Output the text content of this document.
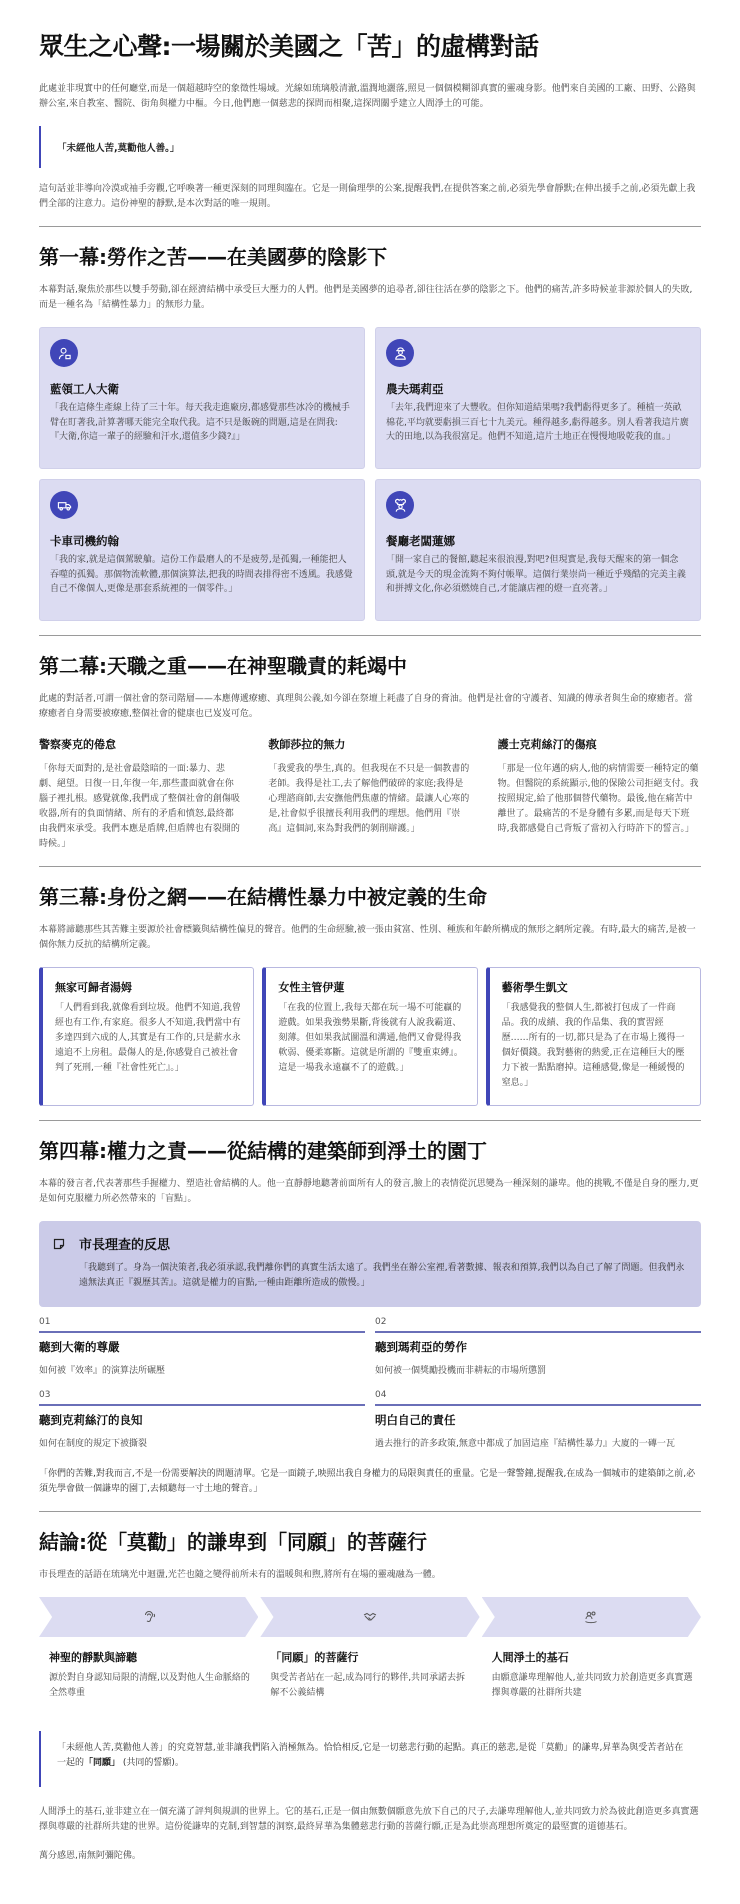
眾生之心聲:一場關於美國之「苦」的虛構對話

此處並非現實中的任何廳堂,而是一個超越時空的象徵性場域。光線如琉璃般清澈,溫潤地灑落,照見一個個模糊卻真實的靈魂身影。他們來自美國的工廠、田野、公路與辦公室,來自教室、醫院、街角與權力中樞。今日,他們應一個慈悲的探問而相聚,這探問關乎建立人間淨土的可能。

「未經他人苦,莫勸他人善。」

這句話並非導向冷漠或袖手旁觀,它呼喚著一種更深刻的同理與臨在。它是一則倫理學的公案,提醒我們,在提供答案之前,必須先學會靜默;在伸出援手之前,必須先獻上我們全部的注意力。這份神聖的靜默,是本次對話的唯一規則。

第一幕:勞作之苦——在美國夢的陰影下

本幕對話,聚焦於那些以雙手勞動,卻在經濟結構中承受巨大壓力的人們。他們是美國夢的追尋者,卻往往活在夢的陰影之下。他們的痛苦,許多時候並非源於個人的失敗,而是一種名為「結構性暴力」的無形力量。

藍領工人大衛
「我在這條生產線上待了三十年。每天我走進廠房,都感覺那些冰冷的機械手臂在盯著我,計算著哪天能完全取代我。這不只是飯碗的問題,這是在問我:『大衛,你這一輩子的經驗和汗水,還值多少錢?』」
農夫瑪莉亞
「去年,我們迎來了大豐收。但你知道結果嗎?我們虧得更多了。種植一英畝棉花,平均就要虧損三百七十九美元。種得越多,虧得越多。別人看著我這片廣大的田地,以為我很富足。他們不知道,這片土地正在慢慢地吸乾我的血。」
卡車司機約翰
「我的家,就是這個駕駛艙。這份工作最磨人的不是疲勞,是孤獨,一種能把人吞噬的孤獨。那個物流軟體,那個演算法,把我的時間表排得密不透風。我感覺自己不像個人,更像是那套系統裡的一個零件。」
餐廳老闆蓮娜
「開一家自己的餐館,聽起來很浪漫,對吧?但現實是,我每天醒來的第一個念頭,就是今天的現金流夠不夠付帳單。這個行業崇尚一種近乎殘酷的完美主義和拼搏文化,你必須燃燒自己,才能讓店裡的燈一直亮著。」
第二幕:天職之重——在神聖職責的耗竭中

此處的對話者,可謂一個社會的祭司階層——本應傳遞療癒、真理與公義,如今卻在祭壇上耗盡了自身的膏油。他們是社會的守護者、知識的傳承者與生命的療癒者。當療癒者自身需要被療癒,整個社會的健康也已岌岌可危。

警察麥克的倦怠
「你每天面對的,是社會最陰暗的一面:暴力、悲劇、絕望。日復一日,年復一年,那些畫面就會在你腦子裡扎根。感覺就像,我們成了整個社會的創傷吸收器,所有的負面情緒、所有的矛盾和憤怒,最終都由我們來承受。我們本應是盾牌,但盾牌也有裂開的時候。」
教師莎拉的無力
「我愛我的學生,真的。但我現在不只是一個教書的老師。我得是社工,去了解他們破碎的家庭;我得是心理諮商師,去安撫他們焦慮的情緒。最讓人心寒的是,社會似乎很擅長利用我們的理想。他們用『崇高』這個詞,來為對我們的剝削辯護。」
護士克莉絲汀的傷痕
「那是一位年邁的病人,他的病情需要一種特定的藥物。但醫院的系統顯示,他的保險公司拒絕支付。我按照規定,給了他那個替代藥物。最後,他在痛苦中離世了。最痛苦的不是身體有多累,而是每天下班時,我都感覺自己背叛了當初入行時許下的誓言。」
第三幕:身份之網——在結構性暴力中被定義的生命

本幕將諦聽那些其苦難主要源於社會標籤與結構性偏見的聲音。他們的生命經驗,被一張由貧富、性別、種族和年齡所構成的無形之網所定義。有時,最大的痛苦,是被一個你無力反抗的結構所定義。

無家可歸者湯姆
「人們看到我,就像看到垃圾。他們不知道,我曾經也有工作,有家庭。很多人不知道,我們當中有多達四到六成的人,其實是有工作的,只是薪水永遠追不上房租。最傷人的是,你感覺自己被社會判了死刑,一種『社會性死亡』。」
女性主管伊蓮
「在我的位置上,我每天都在玩一場不可能贏的遊戲。如果我強勢果斷,背後就有人說我霸道、刻薄。但如果我試圖溫和溝通,他們又會覺得我軟弱、優柔寡斷。這就是所謂的『雙重束縛』。這是一場我永遠贏不了的遊戲。」
藝術學生凱文
「我感覺我的整個人生,都被打包成了一件商品。我的成績、我的作品集、我的實習經歷……所有的一切,都只是為了在市場上獲得一個好價錢。我對藝術的熱愛,正在這種巨大的壓力下被一點點磨掉。這種感覺,像是一種緩慢的窒息。」
第四幕:權力之責——從結構的建築師到淨土的園丁

本幕的發言者,代表著那些手握權力、塑造社會結構的人。他一直靜靜地聽著前面所有人的發言,臉上的表情從沉思變為一種深刻的謙卑。他的挑戰,不僅是自身的壓力,更是如何克服權力所必然帶來的「盲點」。

市長理查的反思
「我聽到了。身為一個決策者,我必須承認,我們離你們的真實生活太遠了。我們坐在辦公室裡,看著數據、報表和預算,我們以為自己了解了問題。但我們永遠無法真正『親歷其苦』。這就是權力的盲點,一種由距離所造成的傲慢。」
01
聽到大衛的尊嚴
如何被『效率』的演算法所碾壓
02
聽到瑪莉亞的勞作
如何被一個獎勵投機而非耕耘的市場所懲罰
03
聽到克莉絲汀的良知
如何在制度的規定下被撕裂
04
明白自己的責任
過去推行的許多政策,無意中都成了加固這座『結構性暴力』大廈的一磚一瓦

「你們的苦難,對我而言,不是一份需要解決的問題清單。它是一面鏡子,映照出我自身權力的局限與責任的重量。它是一聲警鐘,提醒我,在成為一個城市的建築師之前,必須先學會做一個謙卑的園丁,去傾聽每一寸土地的聲音。」

結論:從「莫勸」的謙卑到「同願」的菩薩行

市長理查的話語在琉璃光中迴盪,光芒也隨之變得前所未有的溫暖與和煦,將所有在場的靈魂融為一體。

神聖的靜默與諦聽
源於對自身認知局限的清醒,以及對他人生命脈絡的全然尊重
「同願」的菩薩行
與受苦者站在一起,成為同行的夥伴,共同承諾去拆解不公義結構
人間淨土的基石
由願意謙卑理解他人,並共同致力於創造更多真實選擇與尊嚴的社群所共建
「未經他人苦,莫勸他人善」的究竟智慧,並非讓我們陷入消極無為。恰恰相反,它是一切慈悲行動的起點。真正的慈悲,是從「莫勸」的謙卑,昇華為與受苦者站在一起的「同願」 (共同的誓願)。

人間淨土的基石,並非建立在一個充滿了評判與規訓的世界上。它的基石,正是一個由無數個願意先放下自己的尺子,去謙卑理解他人,並共同致力於為彼此創造更多真實選擇與尊嚴的社群所共建的世界。這份從謙卑的克制,到智慧的洞察,最終昇華為集體慈悲行動的菩薩行願,正是為此崇高理想所奠定的最堅實的道德基石。

萬分感恩,南無阿彌陀佛。
